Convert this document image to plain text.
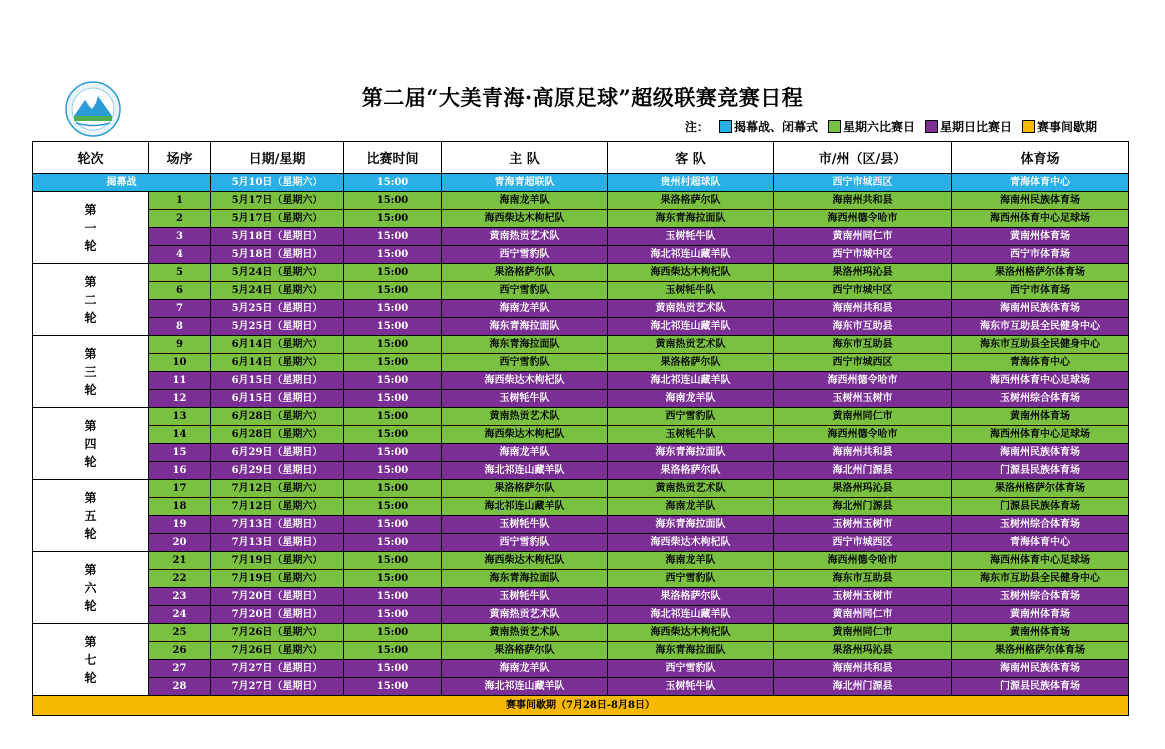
第二届“大美青海·高原足球”超级联赛竞赛日程
注： 揭幕战、闭幕式 星期六比赛日 星期日比赛日 赛事间歇期
轮次	场序	日期/星期	比赛时间	主 队	客 队	市/州（区/县）	体育场
揭幕战		5月10日（星期六）	15:00	青海青超联队	贵州村超球队	西宁市城西区	青海体育中心
第
一
轮	1	5月17日（星期六）	15:00	海南龙羊队	果洛格萨尔队	海南州共和县	海南州民族体育场
	2	5月17日（星期六）	15:00	海西柴达木枸杞队	海东青海拉面队	海西州德令哈市	海西州体育中心足球场
	3	5月18日（星期日）	15:00	黄南热贡艺术队	玉树牦牛队	黄南州同仁市	黄南州体育场
	4	5月18日（星期日）	15:00	西宁雪豹队	海北祁连山藏羊队	西宁市城中区	西宁市体育场
第
二
轮	5	5月24日（星期六）	15:00	果洛格萨尔队	海西柴达木枸杞队	果洛州玛沁县	果洛州格萨尔体育场
	6	5月24日（星期六）	15:00	西宁雪豹队	玉树牦牛队	西宁市城中区	西宁市体育场
	7	5月25日（星期日）	15:00	海南龙羊队	黄南热贡艺术队	海南州共和县	海南州民族体育场
	8	5月25日（星期日）	15:00	海东青海拉面队	海北祁连山藏羊队	海东市互助县	海东市互助县全民健身中心
第
三
轮	9	6月14日（星期六）	15:00	海东青海拉面队	黄南热贡艺术队	海东市互助县	海东市互助县全民健身中心
	10	6月14日（星期六）	15:00	西宁雪豹队	果洛格萨尔队	西宁市城西区	青海体育中心
	11	6月15日（星期日）	15:00	海西柴达木枸杞队	海北祁连山藏羊队	海西州德令哈市	海西州体育中心足球场
	12	6月15日（星期日）	15:00	玉树牦牛队	海南龙羊队	玉树州玉树市	玉树州综合体育场
第
四
轮	13	6月28日（星期六）	15:00	黄南热贡艺术队	西宁雪豹队	黄南州同仁市	黄南州体育场
	14	6月28日（星期六）	15:00	海西柴达木枸杞队	玉树牦牛队	海西州德令哈市	海西州体育中心足球场
	15	6月29日（星期日）	15:00	海南龙羊队	海东青海拉面队	海南州共和县	海南州民族体育场
	16	6月29日（星期日）	15:00	海北祁连山藏羊队	果洛格萨尔队	海北州门源县	门源县民族体育场
第
五
轮	17	7月12日（星期六）	15:00	果洛格萨尔队	黄南热贡艺术队	果洛州玛沁县	果洛州格萨尔体育场
	18	7月12日（星期六）	15:00	海北祁连山藏羊队	海南龙羊队	海北州门源县	门源县民族体育场
	19	7月13日（星期日）	15:00	玉树牦牛队	海东青海拉面队	玉树州玉树市	玉树州综合体育场
	20	7月13日（星期日）	15:00	西宁雪豹队	海西柴达木枸杞队	西宁市城西区	青海体育中心
第
六
轮	21	7月19日（星期六）	15:00	海西柴达木枸杞队	海南龙羊队	海西州德令哈市	海西州体育中心足球场
	22	7月19日（星期六）	15:00	海东青海拉面队	西宁雪豹队	海东市互助县	海东市互助县全民健身中心
	23	7月20日（星期日）	15:00	玉树牦牛队	果洛格萨尔队	玉树州玉树市	玉树州综合体育场
	24	7月20日（星期日）	15:00	黄南热贡艺术队	海北祁连山藏羊队	黄南州同仁市	黄南州体育场
第
七
轮	25	7月26日（星期六）	15:00	黄南热贡艺术队	海西柴达木枸杞队	黄南州同仁市	黄南州体育场
	26	7月26日（星期六）	15:00	果洛格萨尔队	海东青海拉面队	果洛州玛沁县	果洛州格萨尔体育场
	27	7月27日（星期日）	15:00	海南龙羊队	西宁雪豹队	海南州共和县	海南州民族体育场
	28	7月27日（星期日）	15:00	海北祁连山藏羊队	玉树牦牛队	海北州门源县	门源县民族体育场
赛事间歇期（7月28日-8月8日）							
